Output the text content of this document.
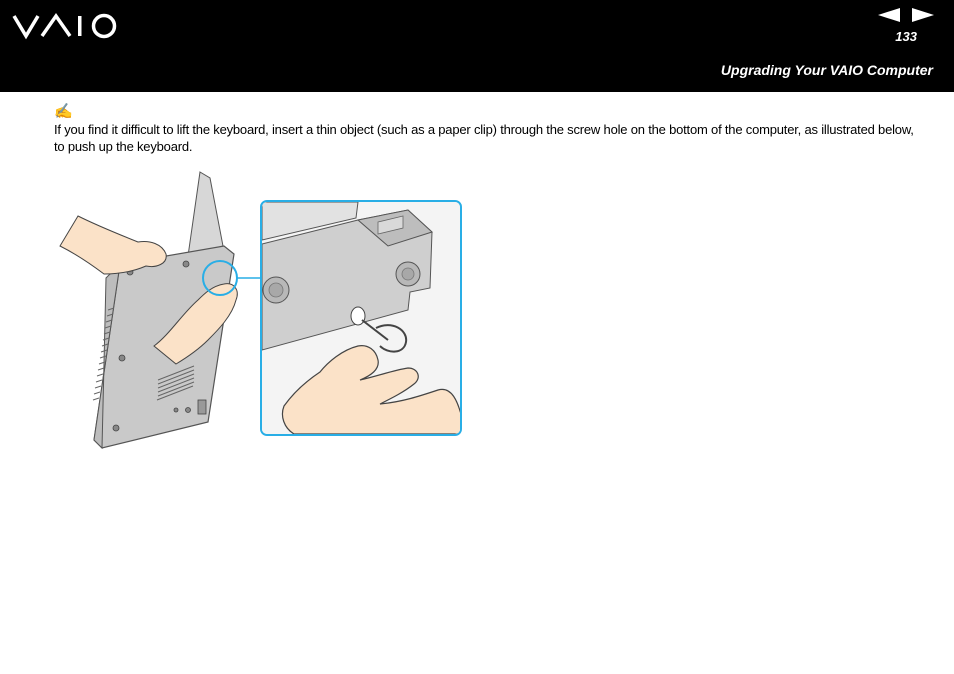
133
Upgrading Your VAIO Computer
✍
If you find it difficult to lift the keyboard, insert a thin object (such as a paper clip) through the screw hole on the bottom of the computer, as illustrated below, to push up the keyboard.
